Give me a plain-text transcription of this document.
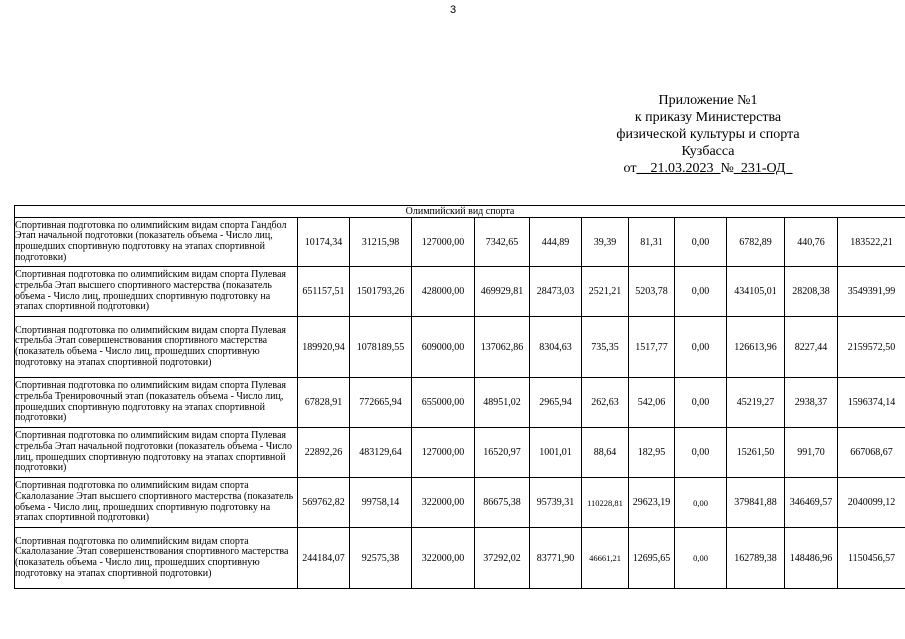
3
Приложение №1
к приказу Министерства
физической культуры и спорта
Кузбасса
от__21.03.2023_№_231-ОД_
Олимпийский вид спорта											
Спортивная подготовка по олимпийским видам спорта Гандбол Этап начальной подготовки (показатель объема - Число лиц, прошедших спортивную подготовку на этапах спортивной подготовки)	10174,34	31215,98	127000,00	7342,65	444,89	39,39	81,31	0,00	6782,89	440,76	183522,21
Спортивная подготовка по олимпийским видам спорта Пулевая стрельба Этап высшего спортивного мастерства (показатель объема - Число лиц, прошедших спортивную подготовку на этапах спортивной подготовки)	651157,51	1501793,26	428000,00	469929,81	28473,03	2521,21	5203,78	0,00	434105,01	28208,38	3549391,99
Спортивная подготовка по олимпийским видам спорта Пулевая стрельба Этап совершенствования спортивного мастерства (показатель объема - Число лиц, прошедших спортивную подготовку на этапах спортивной подготовки)	189920,94	1078189,55	609000,00	137062,86	8304,63	735,35	1517,77	0,00	126613,96	8227,44	2159572,50
Спортивная подготовка по олимпийским видам спорта Пулевая стрельба Тренировочный этап (показатель объема - Число лиц, прошедших спортивную подготовку на этапах спортивной подготовки)	67828,91	772665,94	655000,00	48951,02	2965,94	262,63	542,06	0,00	45219,27	2938,37	1596374,14
Спортивная подготовка по олимпийским видам спорта Пулевая стрельба Этап начальной подготовки (показатель объема - Число лиц, прошедших спортивную подготовку на этапах спортивной подготовки)	22892,26	483129,64	127000,00	16520,97	1001,01	88,64	182,95	0,00	15261,50	991,70	667068,67
Спортивная подготовка по олимпийским видам спорта Скалолазание Этап высшего спортивного мастерства (показатель объема - Число лиц, прошедших спортивную подготовку на этапах спортивной подготовки)	569762,82	99758,14	322000,00	86675,38	95739,31	110228,81	29623,19	0,00	379841,88	346469,57	2040099,12
Спортивная подготовка по олимпийским видам спорта Скалолазание Этап совершенствования спортивного мастерства (показатель объема - Число лиц, прошедших спортивную подготовку на этапах спортивной подготовки)	244184,07	92575,38	322000,00	37292,02	83771,90	46661,21	12695,65	0,00	162789,38	148486,96	1150456,57
